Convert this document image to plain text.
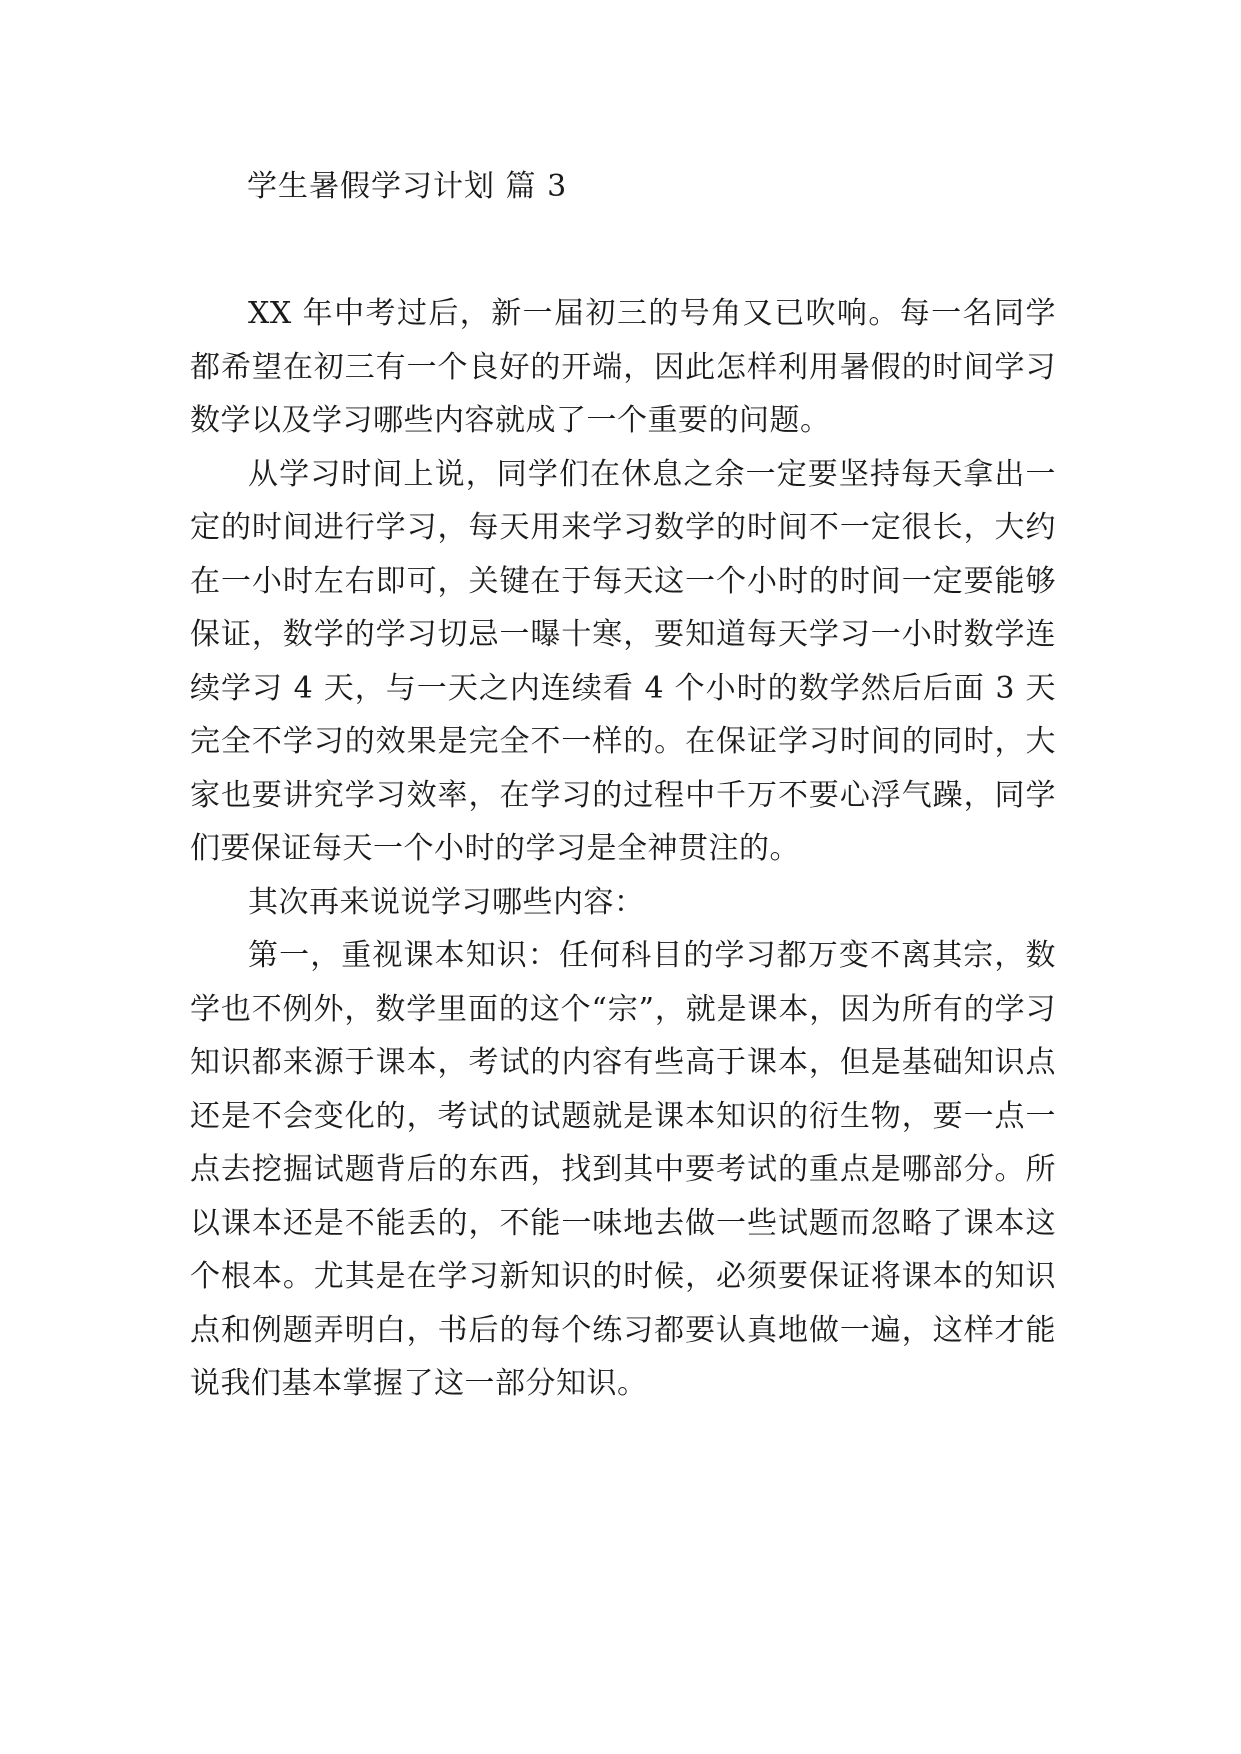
学生暑假学习计划 篇 3

XX 年中考过后，新一届初三的号角又已吹响。每一名同学都希望在初三有一个良好的开端，因此怎样利用暑假的时间学习数学以及学习哪些内容就成了一个重要的问题。

从学习时间上说，同学们在休息之余一定要坚持每天拿出一定的时间进行学习，每天用来学习数学的时间不一定很长，大约在一小时左右即可，关键在于每天这一个小时的时间一定要能够保证，数学的学习切忌一曝十寒，要知道每天学习一小时数学连续学习 4 天，与一天之内连续看 4 个小时的数学然后后面 3 天完全不学习的效果是完全不一样的。在保证学习时间的同时，大家也要讲究学习效率，在学习的过程中千万不要心浮气躁，同学们要保证每天一个小时的学习是全神贯注的。

其次再来说说学习哪些内容：

第一，重视课本知识：任何科目的学习都万变不离其宗，数学也不例外，数学里面的这个“宗”，就是课本，因为所有的学习知识都来源于课本，考试的内容有些高于课本，但是基础知识点还是不会变化的，考试的试题就是课本知识的衍生物，要一点一点去挖掘试题背后的东西，找到其中要考试的重点是哪部分。所以课本还是不能丢的，不能一味地去做一些试题而忽略了课本这个根本。尤其是在学习新知识的时候，必须要保证将课本的知识点和例题弄明白，书后的每个练习都要认真地做一遍，这样才能说我们基本掌握了这一部分知识。
